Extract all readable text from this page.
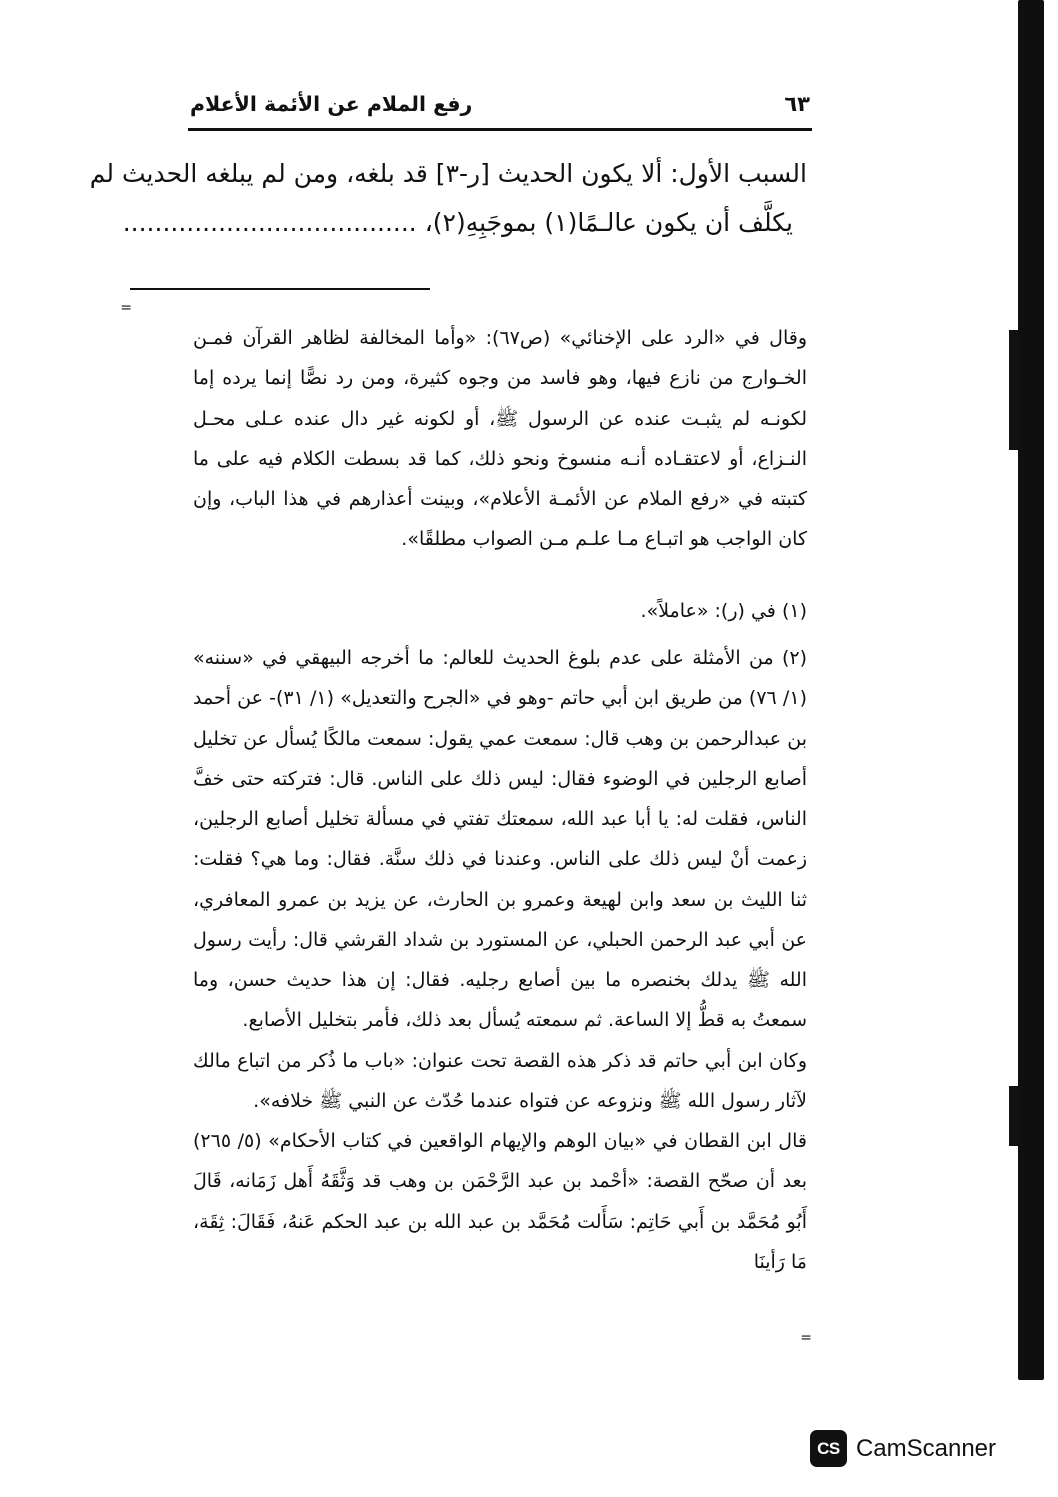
رفع الملام عن الأئمة الأعلام	٦٣
السبب الأول: ألا يكون الحديث [ر-٣] قد بلغه، ومن لم يبلغه الحديث لم
يكلَّف أن يكون عالـمًا(١) بموجَبِهِ(٢)، .....................................
=

وقال في «الرد على الإخنائي» (ص٦٧): «وأما المخالفة لظاهر القرآن فمـن الخـوارج من نازع فيها، وهو فاسد من وجوه كثيرة، ومن رد نصًّا إنما يرده إما لكونـه لم يثبـت عنده عن الرسول ﷺ، أو لكونه غير دال عنده عـلى محـل النـزاع، أو لاعتقـاده أنـه منسوخ ونحو ذلك، كما قد بسطت الكلام فيه على ما كتبته في «رفع الملام عن الأئمـة الأعلام»، وبينت أعذارهم في هذا الباب، وإن كان الواجب هو اتبـاع مـا علـم مـن الصواب مطلقًا».

(١) في (ر): «عاملاً».

(٢) من الأمثلة على عدم بلوغ الحديث للعالم: ما أخرجه البيهقي في «سننه» (١/ ٧٦) من طريق ابن أبي حاتم -وهو في «الجرح والتعديل» (١/ ٣١)- عن أحمد بن عبدالرحمن بن وهب قال: سمعت عمي يقول: سمعت مالكًا يُسأل عن تخليل أصابع الرجلين في الوضوء فقال: ليس ذلك على الناس. قال: فتركته حتى خفَّ الناس، فقلت له: يا أبا عبد الله، سمعتك تفتي في مسألة تخليل أصابع الرجلين، زعمت أنْ ليس ذلك على الناس. وعندنا في ذلك سنَّة. فقال: وما هي؟ فقلت: ثنا الليث بن سعد وابن لهيعة وعمرو بن الحارث، عن يزيد بن عمرو المعافري، عن أبي عبد الرحمن الحبلي، عن المستورد بن شداد القرشي قال: رأيت رسول الله ﷺ يدلك بخنصره ما بين أصابع رجليه. فقال: إن هذا حديث حسن، وما سمعتُ به قطُّ إلا الساعة. ثم سمعته يُسأل بعد ذلك، فأمر بتخليل الأصابع.

وكان ابن أبي حاتم قد ذكر هذه القصة تحت عنوان: «باب ما ذُكر من اتباع مالك لآثار رسول الله ﷺ ونزوعه عن فتواه عندما حُدّث عن النبي ﷺ خلافه».

قال ابن القطان في «بيان الوهم والإيهام الواقعين في كتاب الأحكام» (٥/ ٢٦٥) بعد أن صحّح القصة: «أحْمد بن عبد الرَّحْمَن بن وهب قد وَثَّقَهُ أَهل زَمَانه، قَالَ أَبُو مُحَمَّد بن أَبي حَاتِم: سَأَلت مُحَمَّد بن عبد الله بن عبد الحكم عَنهُ، فَقَالَ: ثِقَة، مَا رَأينَا

=
CS CamScanner
